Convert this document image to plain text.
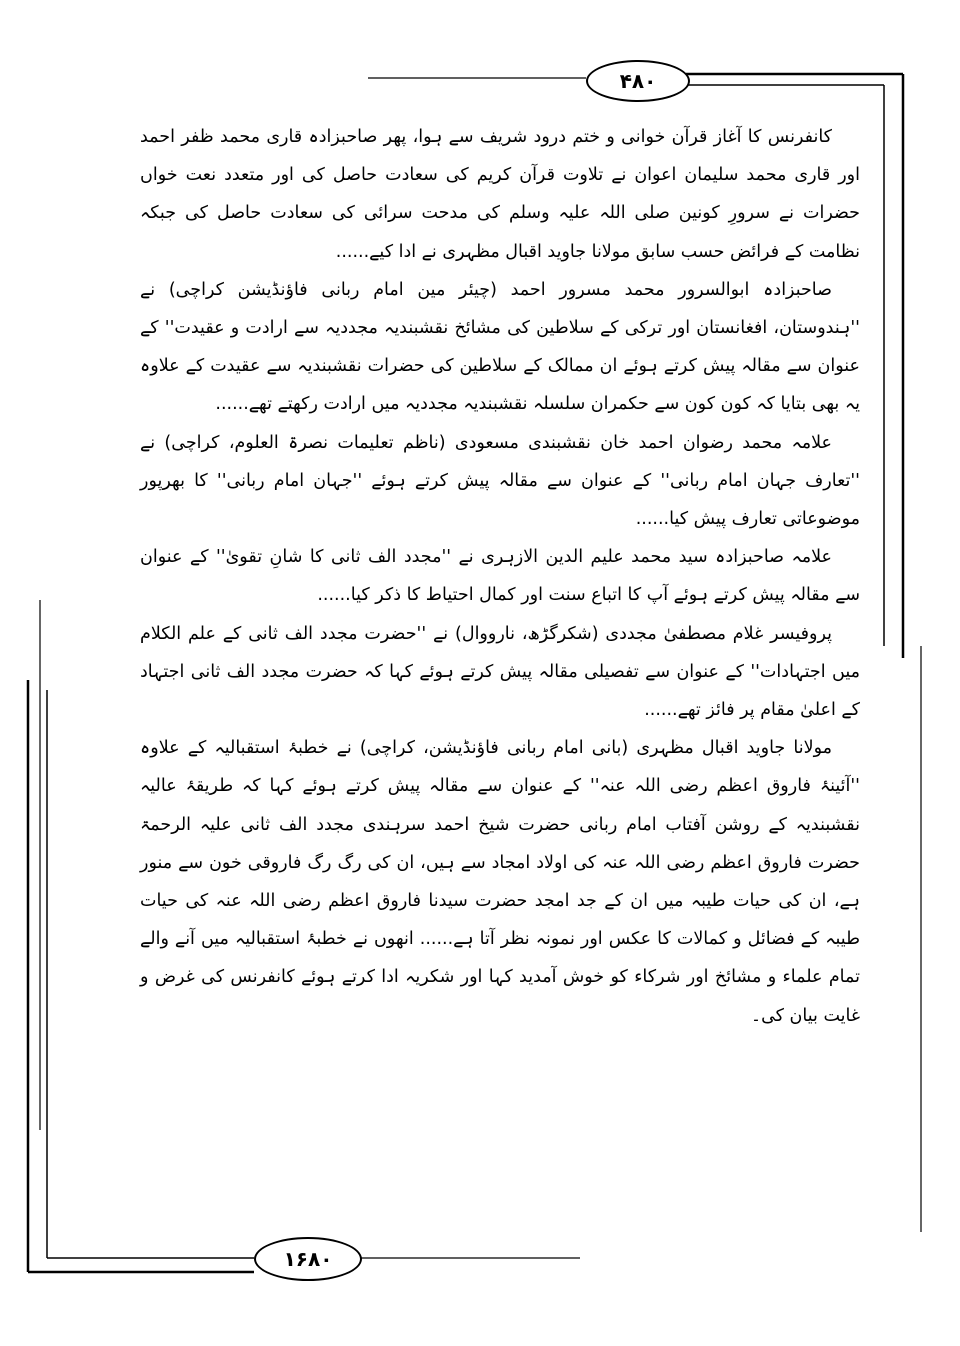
۴۸۰
۱۶۸۰

کانفرنس کا آغاز قرآن خوانی و ختم درود شریف سے ہوا، پھر صاحبزادہ قاری محمد ظفر احمد اور قاری محمد سلیمان اعوان نے تلاوت قرآن کریم کی سعادت حاصل کی اور متعدد نعت خواں حضرات نے سرورِ کونین صلی اللہ علیہ وسلم کی مدحت سرائی کی سعادت حاصل کی جبکہ نظامت کے فرائض حسب سابق مولانا جاوید اقبال مظہری نے ادا کیے......

صاحبزادہ ابوالسرور محمد مسرور احمد (چیئر مین امام ربانی فاؤنڈیشن کراچی) نے ''ہندوستان، افغانستان اور ترکی کے سلاطین کی مشائخ نقشبندیہ مجددیہ سے ارادت و عقیدت'' کے عنوان سے مقالہ پیش کرتے ہوئے ان ممالک کے سلاطین کی حضرات نقشبندیہ سے عقیدت کے علاوہ یہ بھی بتایا کہ کون کون سے حکمران سلسلہ نقشبندیہ مجددیہ میں ارادت رکھتے تھے......

علامہ محمد رضوان احمد خان نقشبندی مسعودی (ناظم تعلیمات نصرۃ العلوم، کراچی) نے ''تعارف جہان امام ربانی'' کے عنوان سے مقالہ پیش کرتے ہوئے ''جہان امام ربانی'' کا بھرپور موضوعاتی تعارف پیش کیا......

علامہ صاحبزادہ سید محمد علیم الدین الازہری نے ''مجدد الف ثانی کا شانِ تقویٰ'' کے عنوان سے مقالہ پیش کرتے ہوئے آپ کا اتباع سنت اور کمال احتیاط کا ذکر کیا......

پروفیسر غلام مصطفیٰ مجددی (شکرگڑھ، نارووال) نے ''حضرت مجدد الف ثانی کے علم الکلام میں اجتہادات'' کے عنوان سے تفصیلی مقالہ پیش کرتے ہوئے کہا کہ حضرت مجدد الف ثانی اجتہاد کے اعلیٰ مقام پر فائز تھے......

مولانا جاوید اقبال مظہری (بانی امام ربانی فاؤنڈیشن، کراچی) نے خطبۂ استقبالیہ کے علاوہ ''آئینۂ فاروق اعظم رضی اللہ عنہ'' کے عنوان سے مقالہ پیش کرتے ہوئے کہا کہ طریقۂ عالیہ نقشبندیہ کے روشن آفتاب امام ربانی حضرت شیخ احمد سرہندی مجدد الف ثانی علیہ الرحمۃ حضرت فاروق اعظم رضی اللہ عنہ کی اولاد امجاد سے ہیں، ان کی رگ رگ فاروقی خون سے منور ہے، ان کی حیات طیبہ میں ان کے جد امجد حضرت سیدنا فاروق اعظم رضی اللہ عنہ کی حیات طیبہ کے فضائل و کمالات کا عکس اور نمونہ نظر آتا ہے...... انھوں نے خطبۂ استقبالیہ میں آنے والے تمام علماء و مشائخ اور شرکاء کو خوش آمدید کہا اور شکریہ ادا کرتے ہوئے کانفرنس کی غرض و غایت بیان کی۔
